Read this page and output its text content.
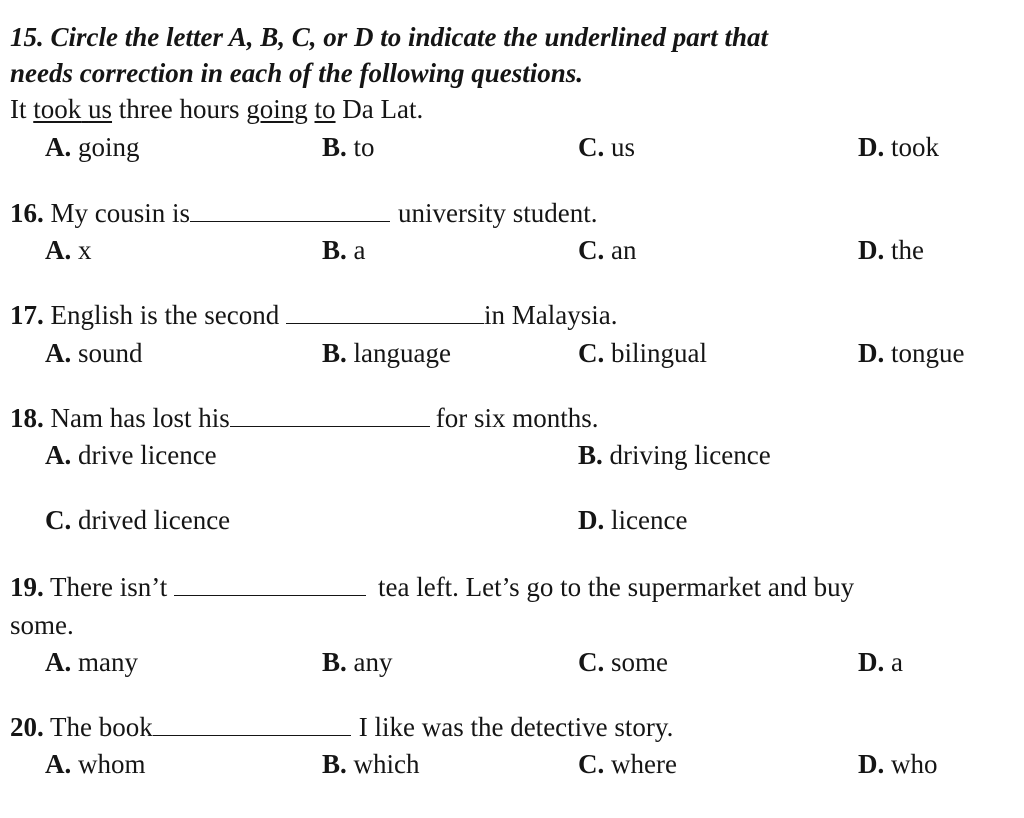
15. Circle the letter A, B, C, or D to indicate the underlined part that
needs correction in each of the following questions.
It took us three hours going to Da Lat.
A. going	B. to	C. us	D. took
16. My cousin is	university student.
A. x	B. a	C. an	D. the
17. English is the second	in Malaysia.
A. sound	B. language	C. bilingual	D. tongue
18. Nam has lost his	for six months.
A. drive licence	B. driving licence
C. drived licence	D. licence
19. There isn’t	tea left. Let’s go to the supermarket and buy
some.
A. many	B. any	C. some	D. a
20. The book	I like was the detective story.
A. whom	B. which	C. where	D. who
